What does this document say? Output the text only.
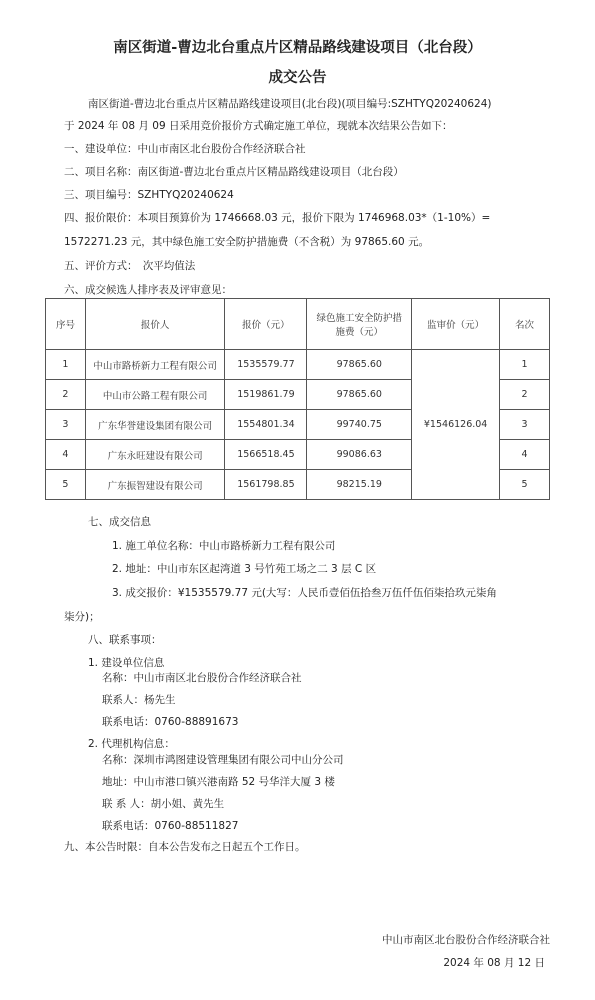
南区街道-曹边北台重点片区精品路线建设项目（北台段）
成交公告
南区街道-曹边北台重点片区精品路线建设项目(北台段)(项目编号:SZHTYQ20240624)
于 2024 年 08 月 09 日采用竞价报价方式确定施工单位，现就本次结果公告如下：
一、建设单位：中山市南区北台股份合作经济联合社
二、项目名称：南区街道-曹边北台重点片区精品路线建设项目（北台段）
三、项目编号：SZHTYQ20240624
四、报价限价：本项目预算价为 1746668.03 元，报价下限为 1746968.03*（1-10%）=
1572271.23 元，其中绿色施工安全防护措施费（不含税）为 97865.60 元。
五、评价方式：　次平均值法
六、成交候选人排序表及评审意见：
序号	报价人	报价（元）	绿色施工安全防护措施费（元）	监审价（元）	名次
1	中山市路桥新力工程有限公司	1535579.77	97865.60	¥1546126.04	1
2	中山市公路工程有限公司	1519861.79	97865.60		2
3	广东华誉建设集团有限公司	1554801.34	99740.75		3
4	广东永旺建设有限公司	1566518.45	99086.63		4
5	广东振智建设有限公司	1561798.85	98215.19		5
七、成交信息
1. 施工单位名称：中山市路桥新力工程有限公司
2. 地址：中山市东区起湾道 3 号竹苑工场之二 3 层 C 区
3. 成交报价：¥1535579.77 元(大写：人民币壹佰伍拾叁万伍仟伍佰柒拾玖元柒角
柒分)；
八、联系事项：
1. 建设单位信息
名称：中山市南区北台股份合作经济联合社
联系人：杨先生
联系电话：0760-88891673
2. 代理机构信息：
名称：深圳市鸿图建设管理集团有限公司中山分公司
地址：中山市港口镇兴港南路 52 号华洋大厦 3 楼
联 系 人：胡小姐、黄先生
联系电话：0760-88511827
九、本公告时限：自本公告发布之日起五个工作日。
中山市南区北台股份合作经济联合社
2024 年 08 月 12 日
